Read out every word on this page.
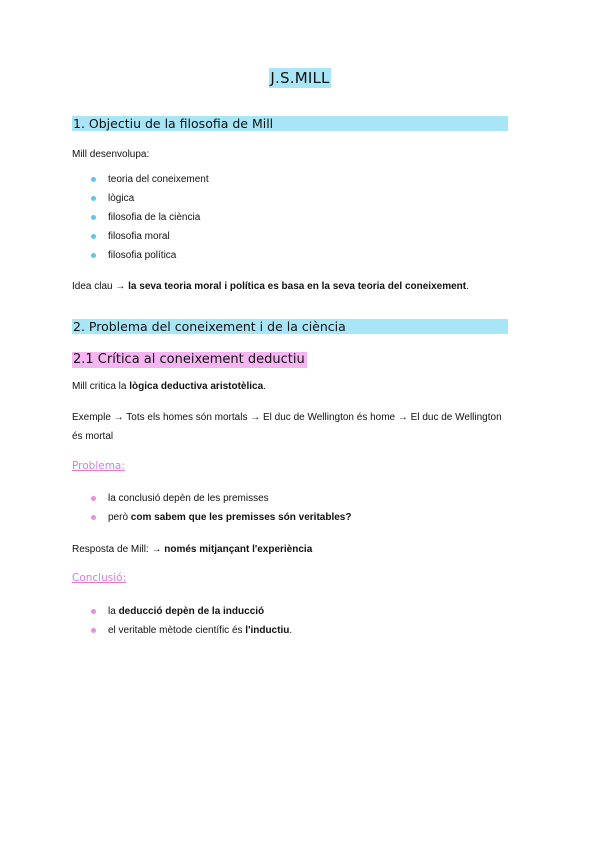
J.S.MILL
1. Objectiu de la filosofia de Mill
Mill desenvolupa:
teoria del coneixement
lògica
filosofia de la ciència
filosofia moral
filosofia política
Idea clau → la seva teoria moral i política es basa en la seva teoria del coneixement.
2. Problema del coneixement i de la ciència
2.1 Crítica al coneixement deductiu
Mill critica la lògica deductiva aristotèlica.
Exemple → Tots els homes són mortals → El duc de Wellington és home → El duc de Wellington és mortal
Problema:
la conclusió depèn de les premisses
però com sabem que les premisses són veritables?
Resposta de Mill: → només mitjançant l'experiència
Conclusió:
la deducció depèn de la inducció
el veritable mètode científic és l'inductiu.
